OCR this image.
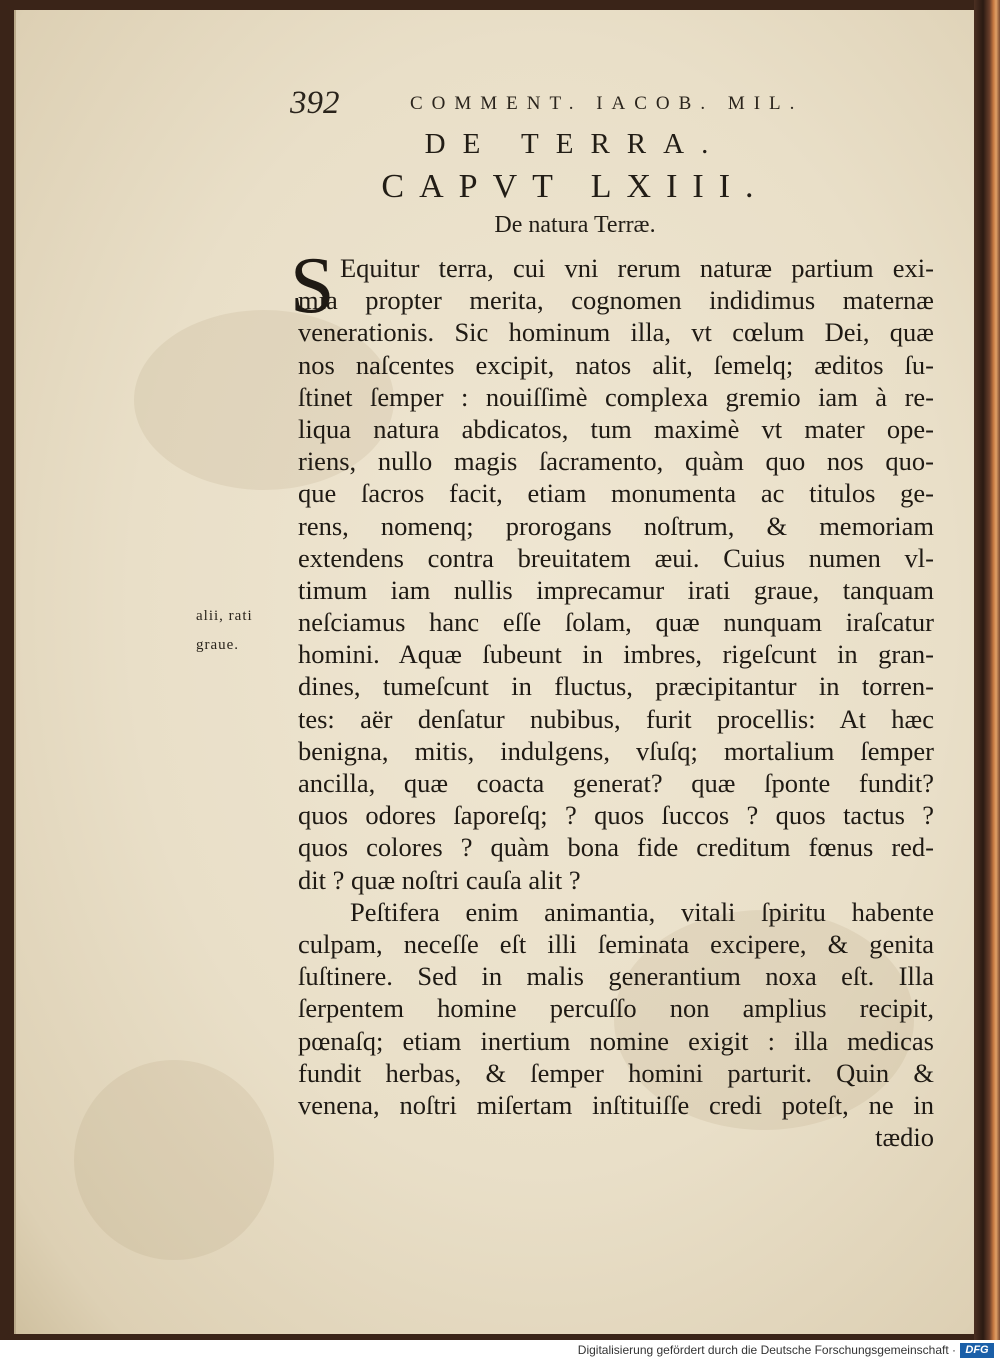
392	COMMENT. IACOB. MIL.
DE TERRA.
CAPVT LXIII.
De natura Terræ.
S Equitur terra, cui vni rerum naturæ partium exi-
mia propter merita, cognomen indidimus maternæ
venerationis. Sic hominum illa, vt cœlum Dei, quæ
nos naſcentes excipit, natos alit, ſemelq; æditos ſu-
ſtinet ſemper : nouiſſimè complexa gremio iam à re-
liqua natura abdicatos, tum maximè vt mater ope-
riens, nullo magis ſacramento, quàm quo nos quo-
que ſacros facit, etiam monumenta ac titulos ge-
rens, nomenq; prorogans noſtrum, & memoriam
extendens contra breuitatem æui. Cuius numen vl-
timum iam nullis imprecamur irati graue, tanquam
neſciamus hanc eſſe ſolam, quæ nunquam iraſcatur
homini. Aquæ ſubeunt in imbres, rigeſcunt in gran-
dines, tumeſcunt in fluctus, præcipitantur in torren-
tes: aër denſatur nubibus, furit procellis: At hæc
benigna, mitis, indulgens, vſuſq; mortalium ſemper
ancilla, quæ coacta generat? quæ ſponte fundit?
quos odores ſaporeſq; ? quos ſuccos ? quos tactus ?
quos colores ? quàm bona fide creditum fœnus red-
dit ? quæ noſtri cauſa alit ?
Peſtifera enim animantia, vitali ſpiritu habente
culpam, neceſſe eſt illi ſeminata excipere, & genita
ſuſtinere. Sed in malis generantium noxa eſt. Illa
ſerpentem homine percuſſo non amplius recipit,
pœnaſq; etiam inertium nomine exigit : illa medicas
fundit herbas, & ſemper homini parturit. Quin &
venena, noſtri miſertam inſtituiſſe credi poteſt, ne in
tædio
alii, rati
graue.
Digitalisierung gefördert durch die Deutsche Forschungsgemeinschaft · DFG
